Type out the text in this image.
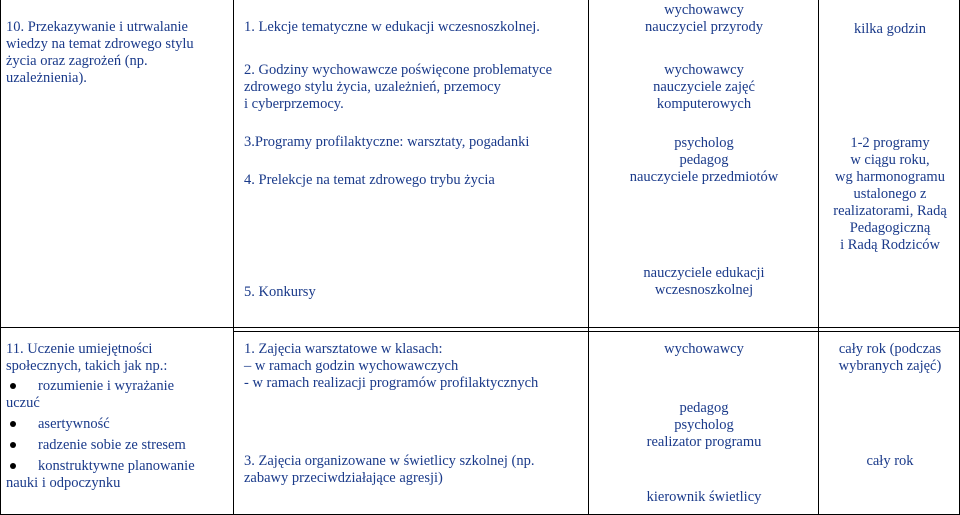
10. Przekazywanie i utrwalanie
wiedzy na temat zdrowego stylu
życia oraz zagrożeń (np.
uzależnienia).
1. Lekcje tematyczne w edukacji wczesnoszkolnej.
2. Godziny wychowawcze poświęcone problematyce
zdrowego stylu życia, uzależnień, przemocy
i cyberprzemocy.
wychowawcy
nauczyciel przyrody
wychowawcy
nauczyciele zajęć
komputerowych
kilka godzin
3.Programy profilaktyczne: warsztaty, pogadanki
4. Prelekcje na temat zdrowego trybu życia
5. Konkursy
psycholog
pedagog
nauczyciele przedmiotów
nauczyciele edukacji
wczesnoszkolnej
1-2 programy
w ciągu roku,
wg harmonogramu
ustalonego z
realizatorami, Radą
Pedagogiczną
i Radą Rodziców
11. Uczenie umiejętności
społecznych, takich jak np.:
rozumienie i wyrażanie
uczuć
asertywność
radzenie sobie ze stresem
konstruktywne planowanie
nauki i odpoczynku
1. Zajęcia warsztatowe w klasach:
– w ramach godzin wychowawczych
- w ramach realizacji programów profilaktycznych
3. Zajęcia organizowane w świetlicy szkolnej (np.
zabawy przeciwdziałające agresji)
wychowawcy
pedagog
psycholog
realizator programu
kierownik świetlicy
cały rok (podczas
wybranych zajęć)
cały rok
